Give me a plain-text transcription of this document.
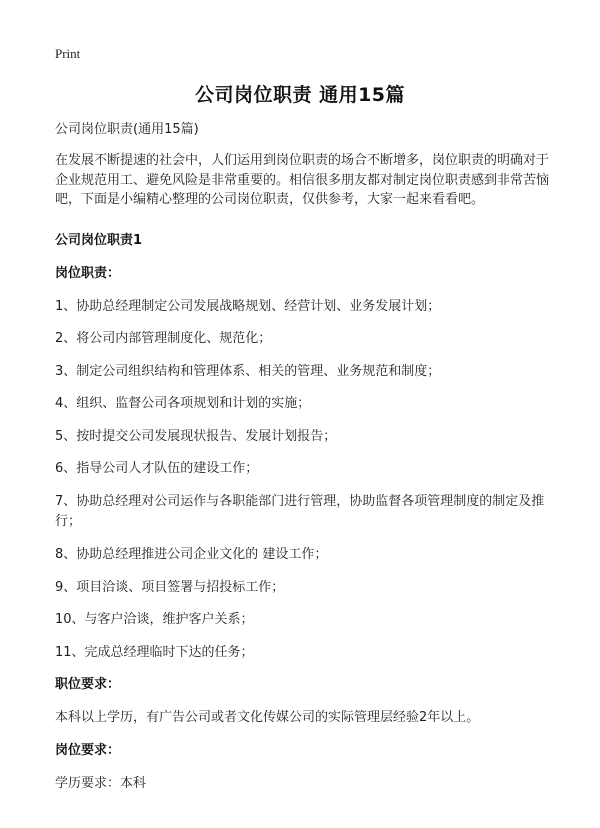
Print
公司岗位职责 通用15篇

公司岗位职责(通用15篇)

在发展不断提速的社会中，人们运用到岗位职责的场合不断增多，岗位职责的明确对于企业规范用工、避免风险是非常重要的。相信很多朋友都对制定岗位职责感到非常苦恼吧，下面是小编精心整理的公司岗位职责，仅供参考，大家一起来看看吧。

公司岗位职责1

岗位职责：

1、协助总经理制定公司发展战略规划、经营计划、业务发展计划；

2、将公司内部管理制度化、规范化；

3、制定公司组织结构和管理体系、相关的管理、业务规范和制度；

4、组织、监督公司各项规划和计划的实施；

5、按时提交公司发展现状报告、发展计划报告；

6、指导公司人才队伍的建设工作；

7、协助总经理对公司运作与各职能部门进行管理，协助监督各项管理制度的制定及推行；

8、协助总经理推进公司企业文化的 建设工作；

9、项目洽谈、项目签署与招投标工作；

10、与客户洽谈，维护客户关系；

11、完成总经理临时下达的任务；

职位要求：

本科以上学历，有广告公司或者文化传媒公司的实际管理层经验2年以上。

岗位要求：

学历要求：本科
